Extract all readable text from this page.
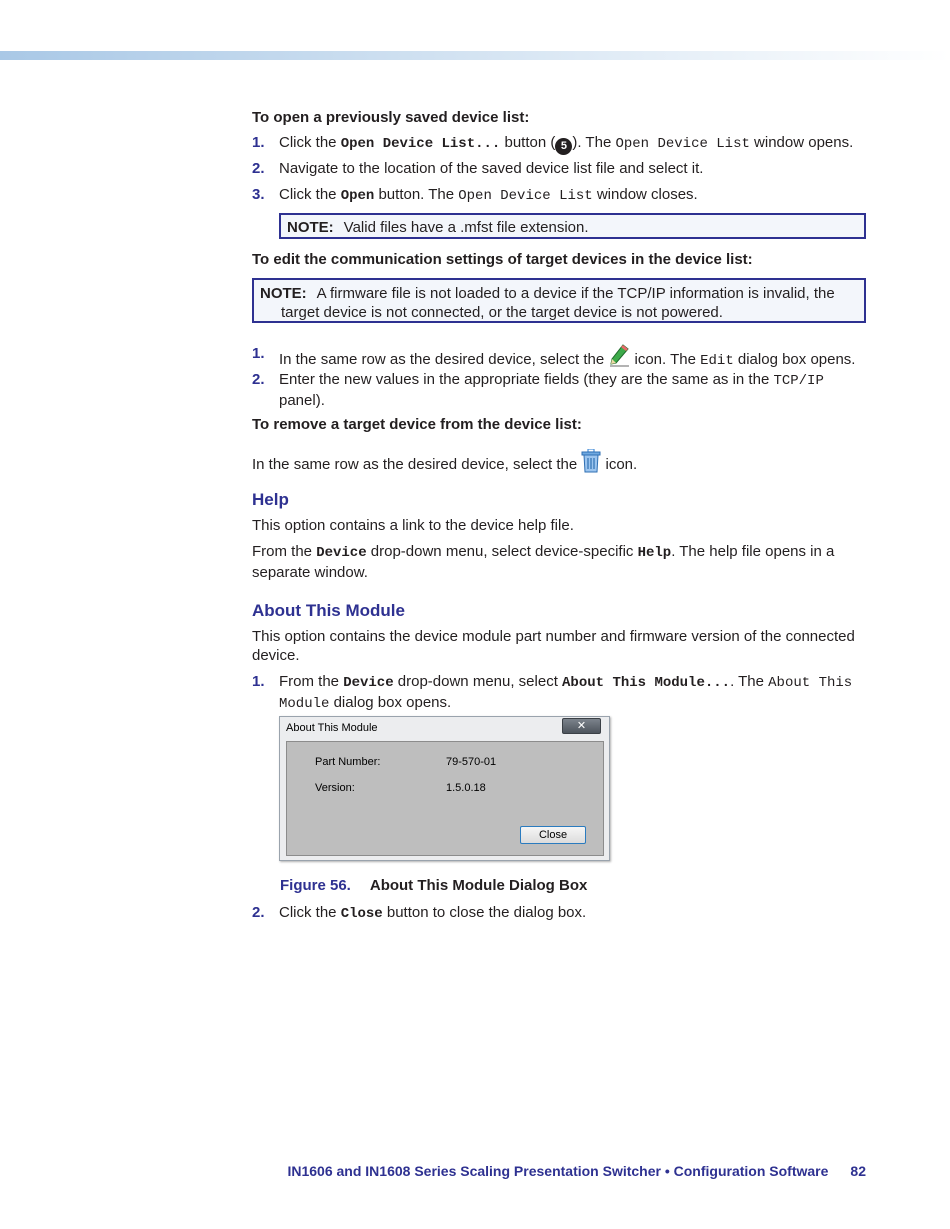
To open a previously saved device list:

1. Click the Open Device List... button ( 5 ). The Open Device List window opens.

2. Navigate to the location of the saved device list file and select it.

3. Click the Open button. The Open Device List window closes.

NOTE: Valid files have a .mfst file extension.

To edit the communication settings of target devices in the device list:

NOTE: A firmware file is not loaded to a device if the TCP/IP information is invalid, the
target device is not connected, or the target device is not powered.

1. In the same row as the desired device, select the  icon. The Edit dialog box opens.

2. Enter the new values in the appropriate fields (they are the same as in the TCP/IP
panel).

To remove a target device from the device list:

In the same row as the desired device, select the  icon.

Help

This option contains a link to the device help file.

From the Device drop-down menu, select device-specific Help. The help file opens in a
separate window.

About This Module

This option contains the device module part number and firmware version of the connected
device.
1. From the Device drop-down menu, select About This Module.... The About This
Module dialog box opens.
About This Module	✕
Part Number:	79-570-01
Version:	1.5.0.18
Close

Figure 56. About This Module Dialog Box

2. Click the Close button to close the dialog box.

IN1606 and IN1608 Series Scaling Presentation Switcher • Configuration Software 82
